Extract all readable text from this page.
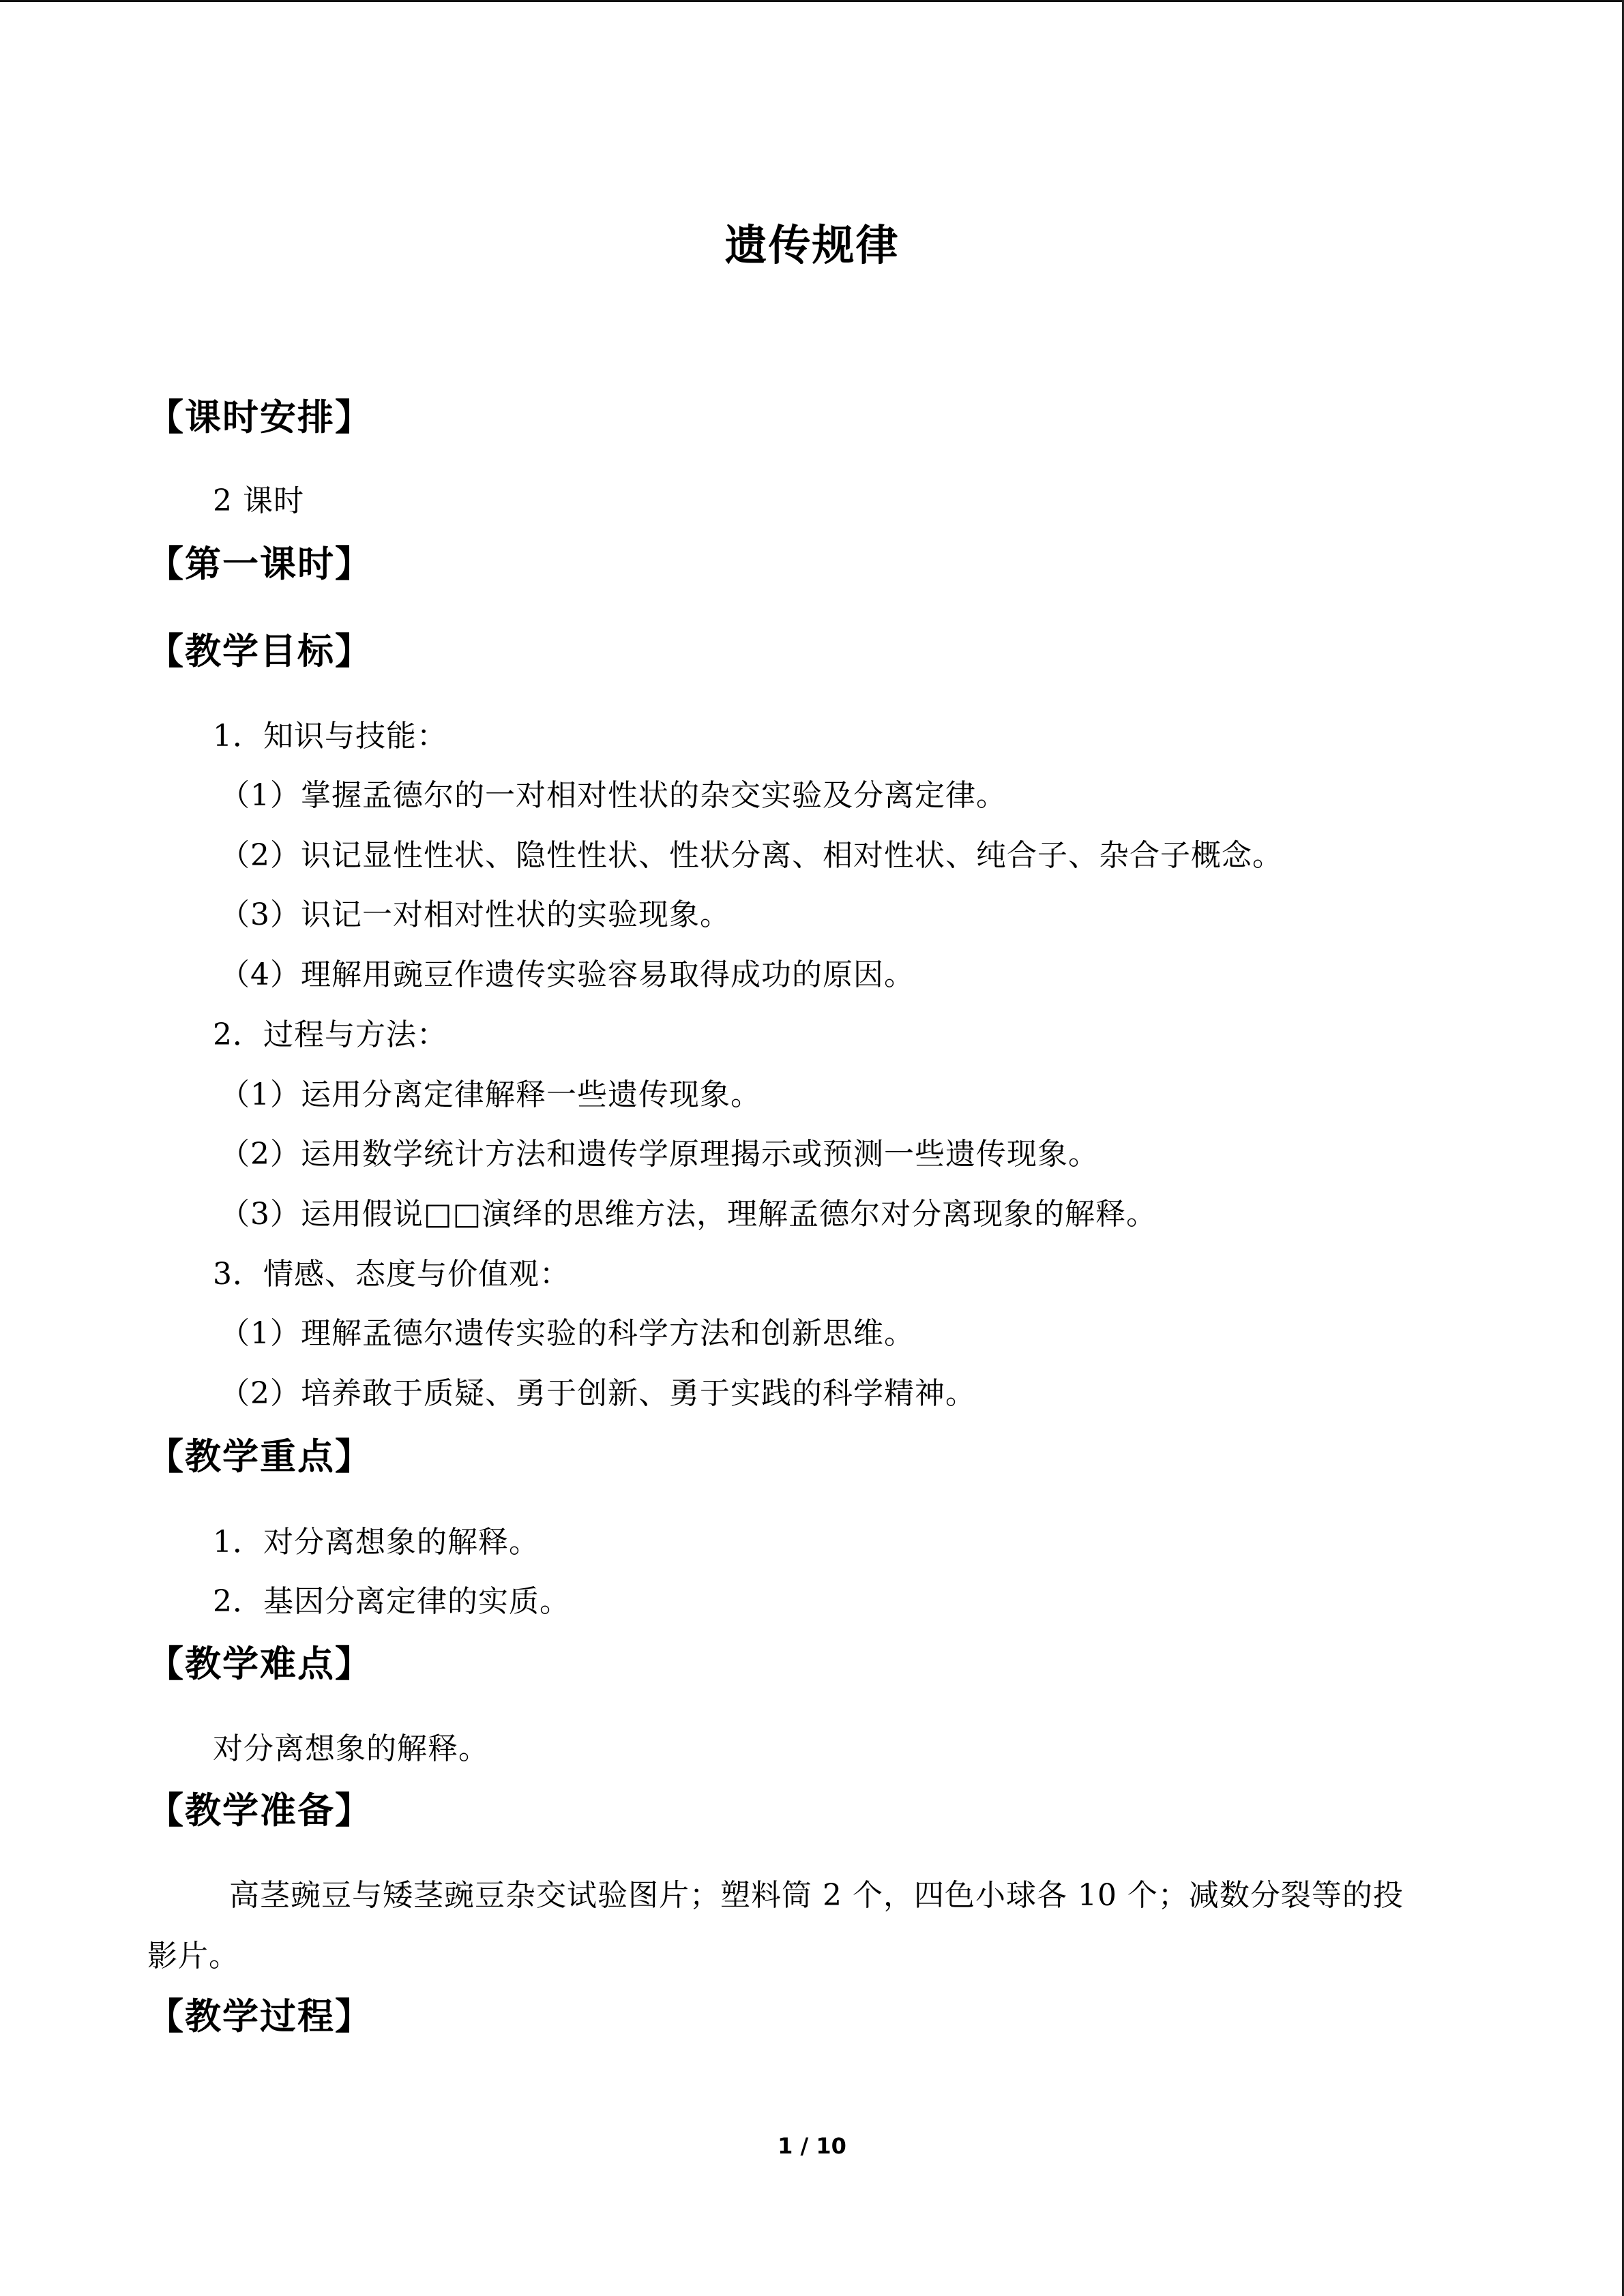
遗传规律
【课时安排】
2 课时
【第一课时】
【教学目标】
1．知识与技能：
（1）掌握孟德尔的一对相对性状的杂交实验及分离定律。
（2）识记显性性状、隐性性状、性状分离、相对性状、纯合子、杂合子概念。
（3）识记一对相对性状的实验现象。
（4）理解用豌豆作遗传实验容易取得成功的原因。
2．过程与方法：
（1）运用分离定律解释一些遗传现象。
（2）运用数学统计方法和遗传学原理揭示或预测一些遗传现象。
（3）运用假说□□演绎的思维方法，理解孟德尔对分离现象的解释。
3．情感、态度与价值观：
（1）理解孟德尔遗传实验的科学方法和创新思维。
（2）培养敢于质疑、勇于创新、勇于实践的科学精神。
【教学重点】
1．对分离想象的解释。
2．基因分离定律的实质。
【教学难点】
对分离想象的解释。
【教学准备】
高茎豌豆与矮茎豌豆杂交试验图片；塑料筒 2 个，四色小球各 10 个；减数分裂等的投
影片。
【教学过程】
1 / 10
